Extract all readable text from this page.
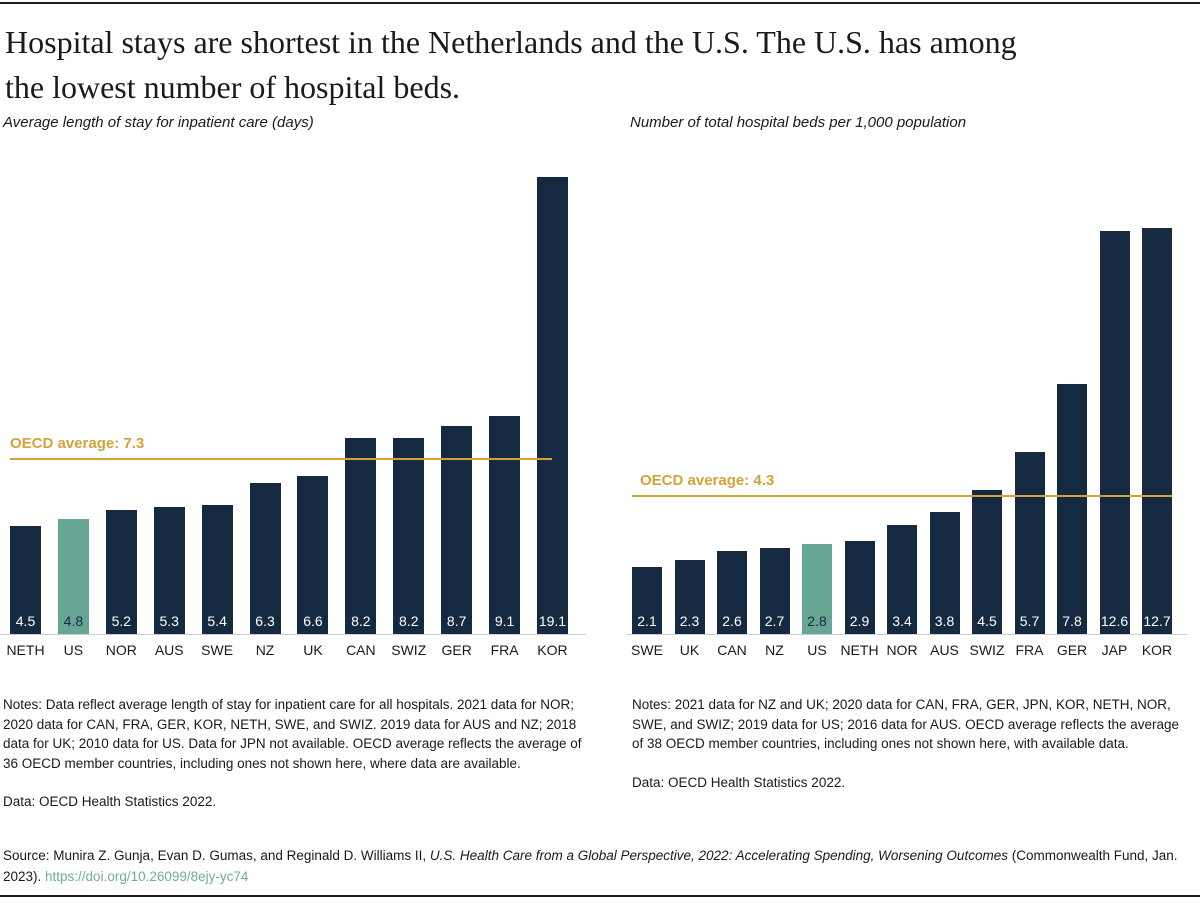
Hospital stays are shortest in the Netherlands and the U.S. The U.S. has among
the lowest number of hospital beds.
Average length of stay for inpatient care (days)	Number of total hospital beds per 1,000 population
4.5
NETH
4.8
US
5.2
NOR
5.3
AUS
5.4
SWE
6.3
NZ
6.6
UK
8.2
CAN
8.2
SWIZ
8.7
GER
9.1
FRA
19.1
KOR
OECD average: 7.3
2.1
SWE
2.3
UK
2.6
CAN
2.7
NZ
2.8
US
2.9
NETH
3.4
NOR
3.8
AUS
4.5
SWIZ
5.7
FRA
7.8
GER
12.6
JAP
12.7
KOR
OECD average: 4.3

Notes: Data reflect average length of stay for inpatient care for all hospitals. 2021 data for NOR; 2020 data for CAN, FRA, GER, KOR, NETH, SWE, and SWIZ. 2019 data for AUS and NZ; 2018 data for UK; 2010 data for US. Data for JPN not available. OECD average reflects the average of 36 OECD member countries, including ones not shown here, where data are available.

Data: OECD Health Statistics 2022.

Notes: 2021 data for NZ and UK; 2020 data for CAN, FRA, GER, JPN, KOR, NETH, NOR, SWE, and SWIZ; 2019 data for US; 2016 data for AUS. OECD average reflects the average of 38 OECD member countries, including ones not shown here, with available data.

Data: OECD Health Statistics 2022.

Source: Munira Z. Gunja, Evan D. Gumas, and Reginald D. Williams II, U.S. Health Care from a Global Perspective, 2022: Accelerating Spending, Worsening Outcomes (Commonwealth Fund, Jan. 2023). https://doi.org/10.26099/8ejy-yc74
